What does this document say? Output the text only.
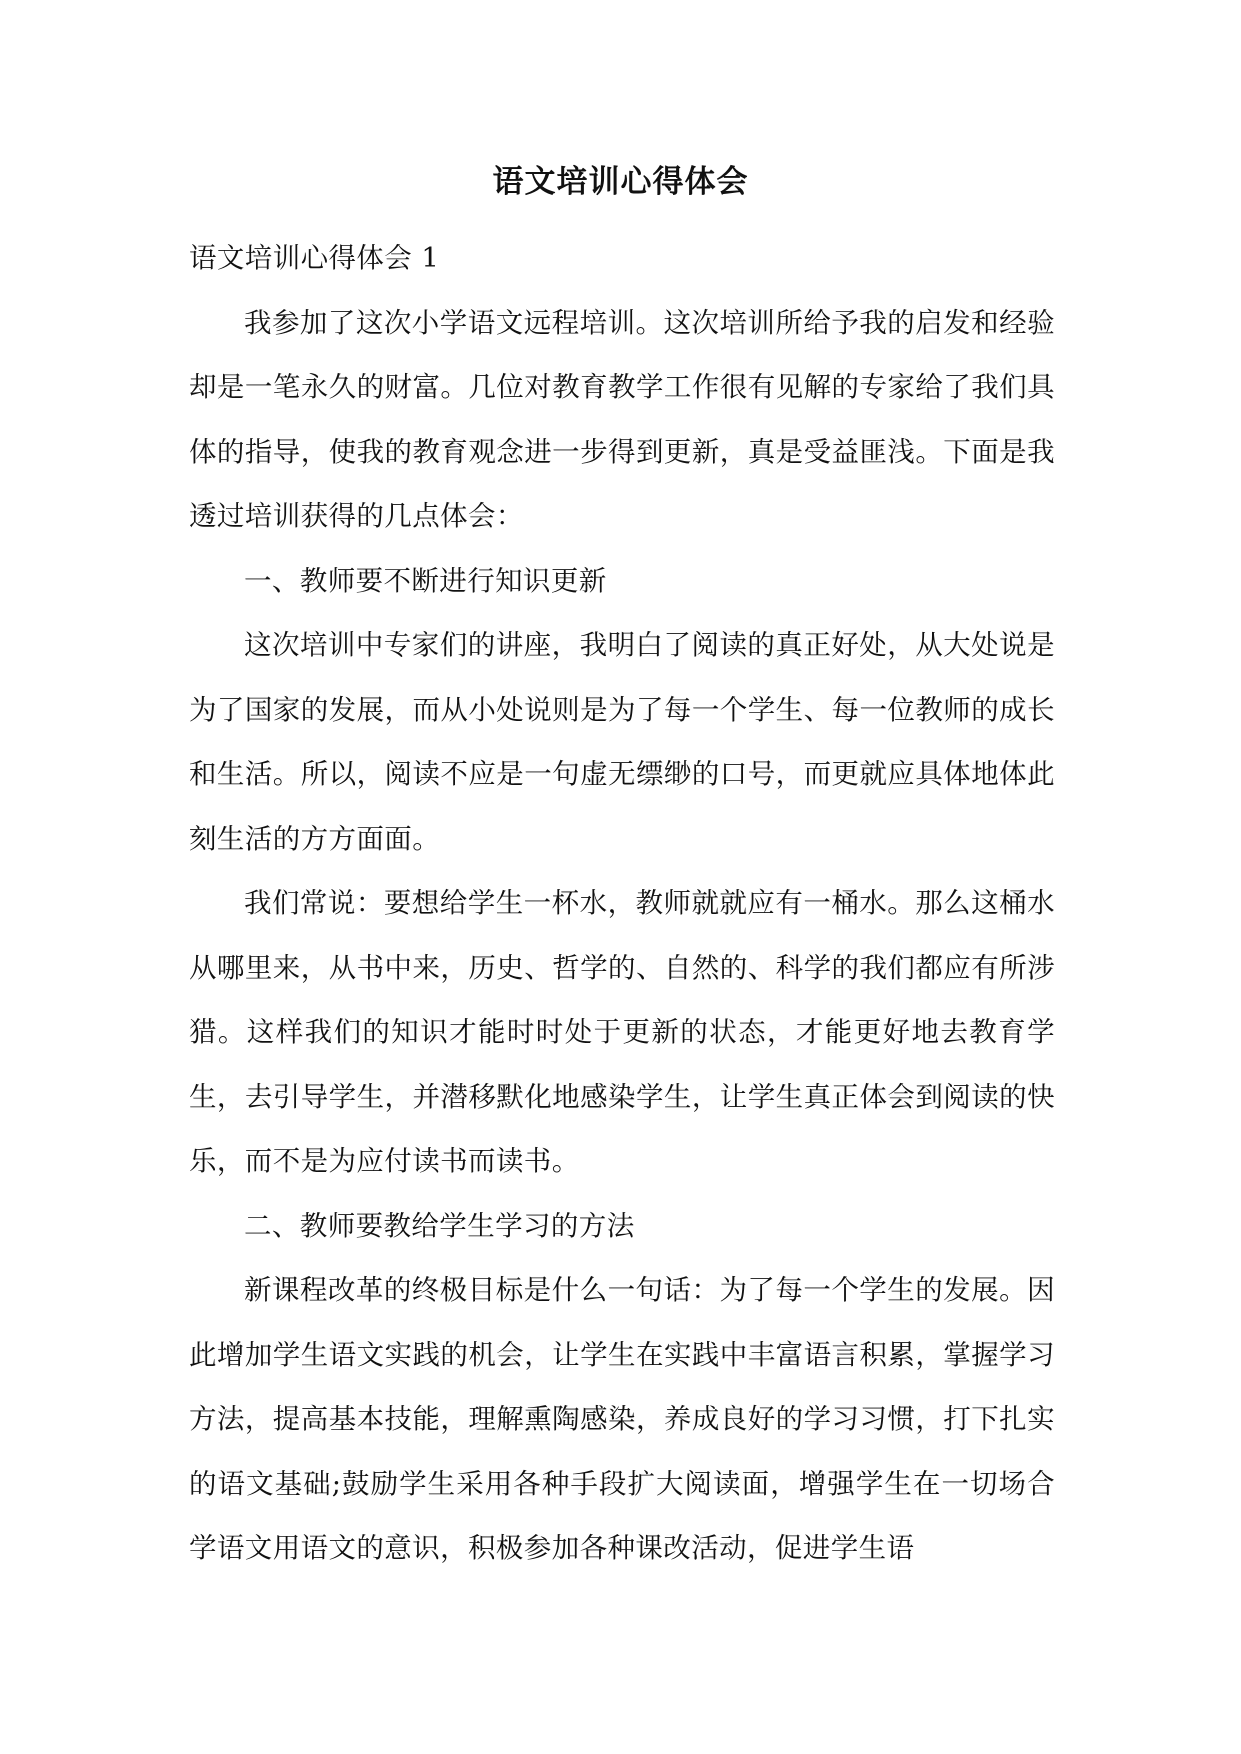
语文培训心得体会

语文培训心得体会 1

我参加了这次小学语文远程培训。这次培训所给予我的启发和经验却是一笔永久的财富。几位对教育教学工作很有见解的专家给了我们具体的指导，使我的教育观念进一步得到更新，真是受益匪浅。下面是我透过培训获得的几点体会：

一、教师要不断进行知识更新

这次培训中专家们的讲座，我明白了阅读的真正好处，从大处说是为了国家的发展，而从小处说则是为了每一个学生、每一位教师的成长和生活。所以，阅读不应是一句虚无缥缈的口号，而更就应具体地体此刻生活的方方面面。

我们常说：要想给学生一杯水，教师就就应有一桶水。那么这桶水从哪里来，从书中来，历史、哲学的、自然的、科学的我们都应有所涉猎。这样我们的知识才能时时处于更新的状态，才能更好地去教育学生，去引导学生，并潜移默化地感染学生，让学生真正体会到阅读的快乐，而不是为应付读书而读书。

二、教师要教给学生学习的方法

新课程改革的终极目标是什么一句话：为了每一个学生的发展。因此增加学生语文实践的机会，让学生在实践中丰富语言积累，掌握学习方法，提高基本技能，理解熏陶感染，养成良好的学习习惯，打下扎实的语文基础;鼓励学生采用各种手段扩大阅读面，增强学生在一切场合学语文用语文的意识，积极参加各种课改活动，促进学生语
